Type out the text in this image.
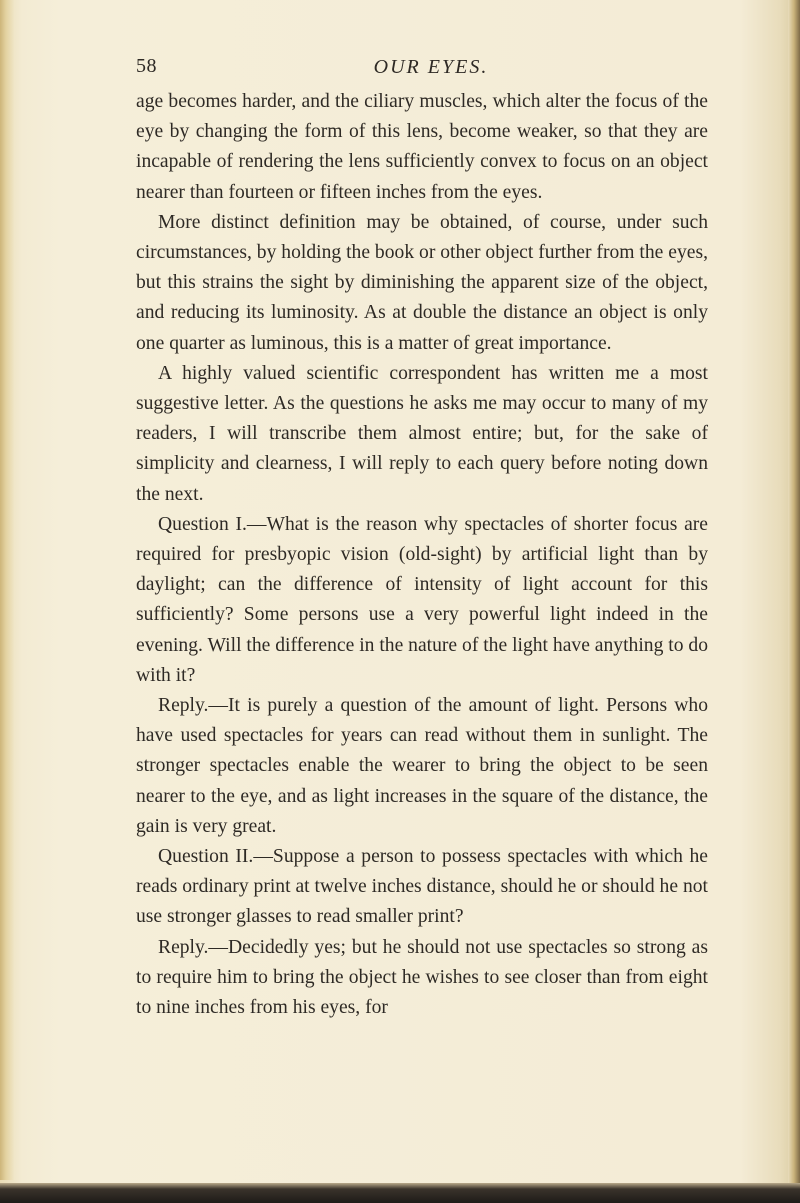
58	OUR EYES.

age becomes harder, and the ciliary muscles, which alter the focus of the eye by changing the form of this lens, become weaker, so that they are incapable of rendering the lens sufficiently convex to focus on an object nearer than fourteen or fifteen inches from the eyes.

More distinct definition may be obtained, of course, under such circumstances, by holding the book or other object further from the eyes, but this strains the sight by diminishing the apparent size of the object, and reducing its luminosity. As at double the distance an object is only one quarter as luminous, this is a matter of great importance.

A highly valued scientific correspondent has written me a most suggestive letter. As the questions he asks me may occur to many of my readers, I will transcribe them almost entire; but, for the sake of simplicity and clearness, I will reply to each query before noting down the next.

Question I.—What is the reason why spectacles of shorter focus are required for presbyopic vision (old-sight) by artificial light than by daylight; can the difference of intensity of light account for this sufficiently? Some persons use a very powerful light indeed in the evening. Will the difference in the nature of the light have anything to do with it?

Reply.—It is purely a question of the amount of light. Persons who have used spectacles for years can read without them in sunlight. The stronger spectacles enable the wearer to bring the object to be seen nearer to the eye, and as light increases in the square of the distance, the gain is very great.

Question II.—Suppose a person to possess spectacles with which he reads ordinary print at twelve inches distance, should he or should he not use stronger glasses to read smaller print?

Reply.—Decidedly yes; but he should not use spectacles so strong as to require him to bring the object he wishes to see closer than from eight to nine inches from his eyes, for
